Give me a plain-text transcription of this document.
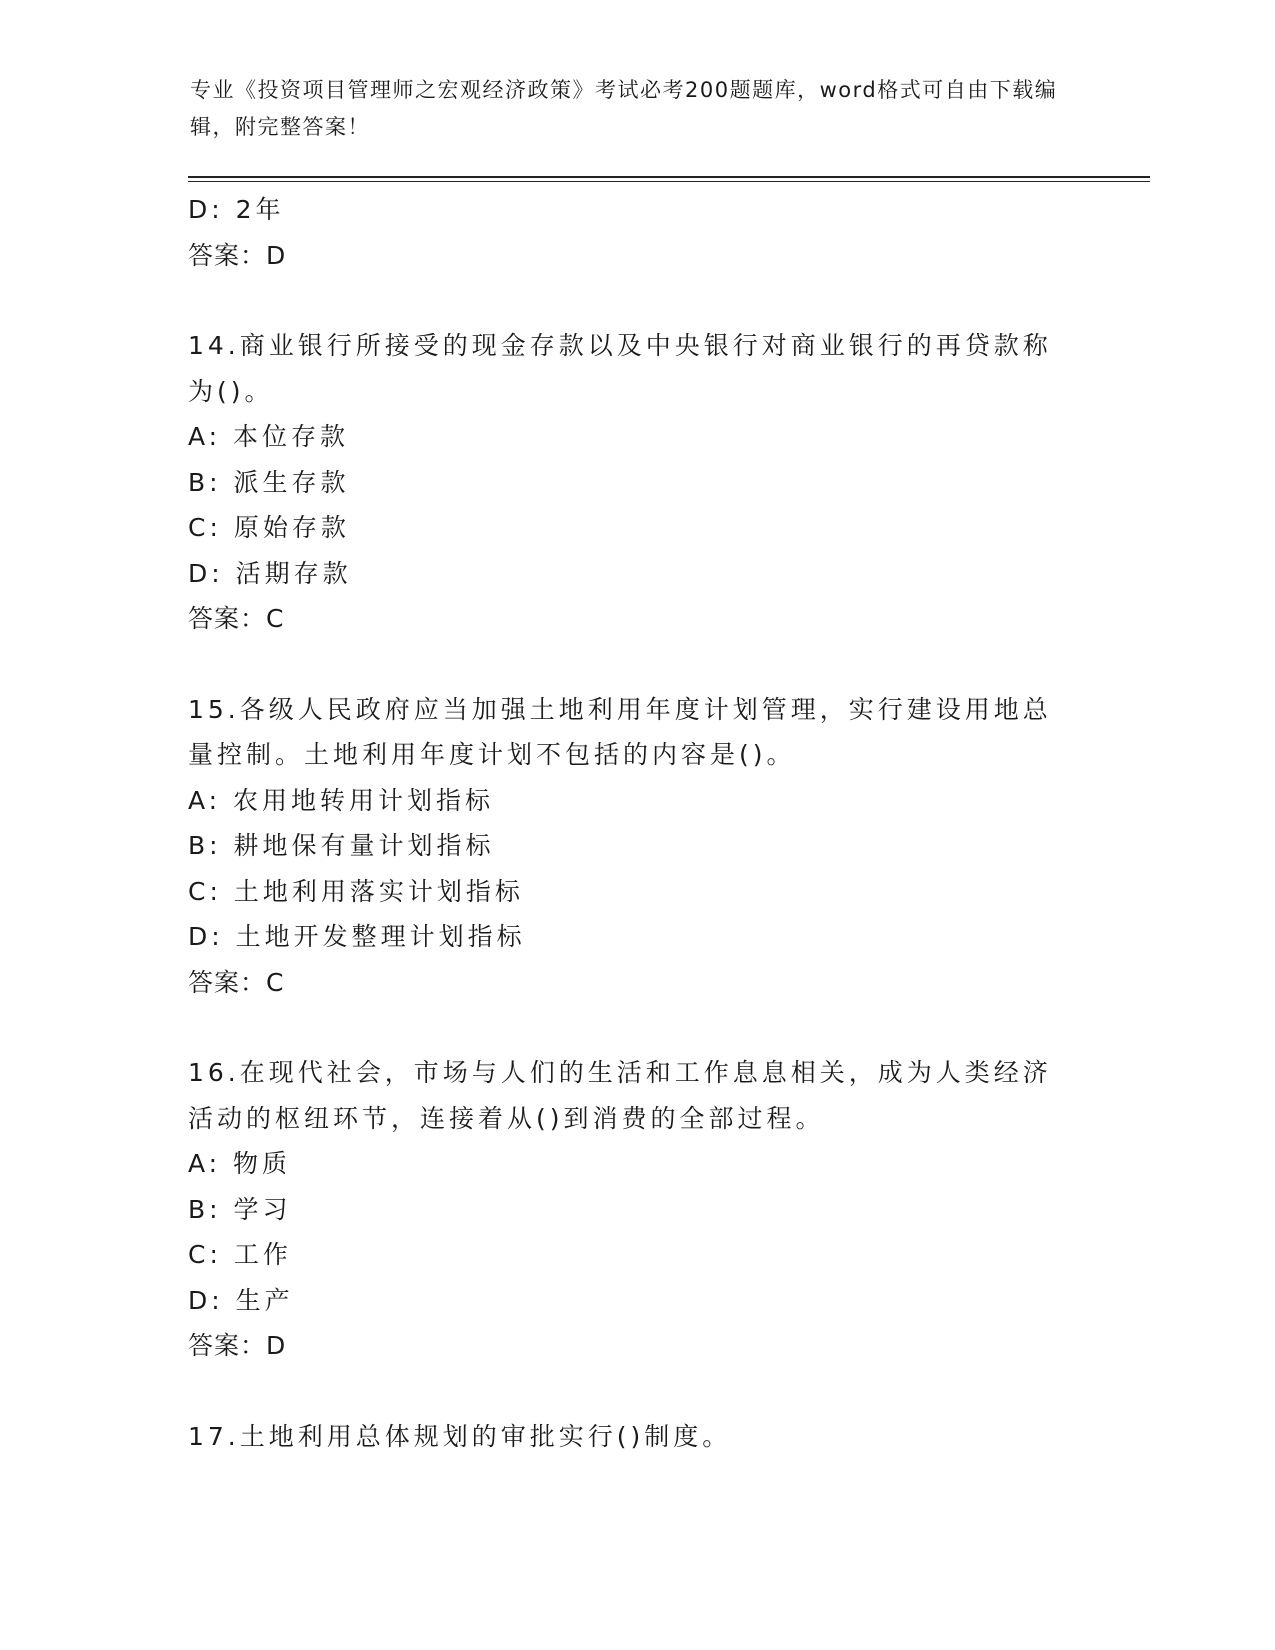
专业《投资项目管理师之宏观经济政策》考试必考200题题库，word格式可自由下载编辑，附完整答案！
D: 2年
答案：D
14.商业银行所接受的现金存款以及中央银行对商业银行的再贷款称为()。
A: 本位存款
B: 派生存款
C: 原始存款
D: 活期存款
答案：C
15.各级人民政府应当加强土地利用年度计划管理，实行建设用地总量控制。土地利用年度计划不包括的内容是()。
A: 农用地转用计划指标
B: 耕地保有量计划指标
C: 土地利用落实计划指标
D: 土地开发整理计划指标
答案：C
16.在现代社会，市场与人们的生活和工作息息相关，成为人类经济活动的枢纽环节，连接着从()到消费的全部过程。
A: 物质
B: 学习
C: 工作
D: 生产
答案：D
17.土地利用总体规划的审批实行()制度。
